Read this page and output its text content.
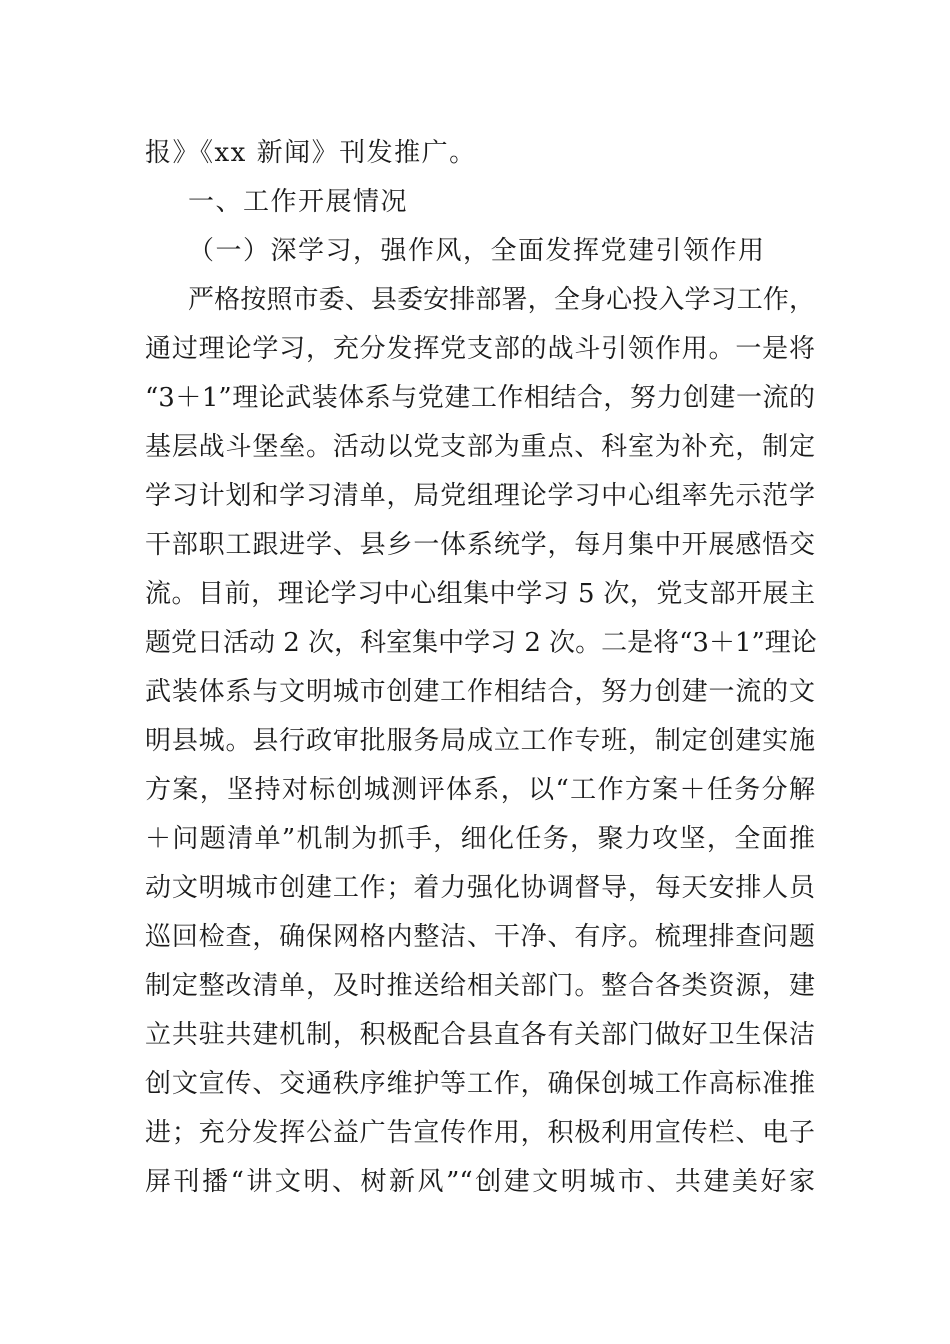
报》《xx 新闻》刊发推广。
一、工作开展情况
（一）深学习，强作风，全面发挥党建引领作用
严格按照市委、县委安排部署，全身心投入学习工作，
通过理论学习，充分发挥党支部的战斗引领作用。一是将
“3＋1”理论武装体系与党建工作相结合，努力创建一流的
基层战斗堡垒。活动以党支部为重点、科室为补充，制定
学习计划和学习清单，局党组理论学习中心组率先示范学
干部职工跟进学、县乡一体系统学，每月集中开展感悟交
流。目前，理论学习中心组集中学习 5 次，党支部开展主
题党日活动 2 次，科室集中学习 2 次。二是将“3＋1”理论
武装体系与文明城市创建工作相结合，努力创建一流的文
明县城。县行政审批服务局成立工作专班，制定创建实施
方案，坚持对标创城测评体系，以“工作方案＋任务分解
＋问题清单”机制为抓手，细化任务，聚力攻坚，全面推
动文明城市创建工作；着力强化协调督导，每天安排人员
巡回检查，确保网格内整洁、干净、有序。梳理排查问题
制定整改清单，及时推送给相关部门。整合各类资源，建
立共驻共建机制，积极配合县直各有关部门做好卫生保洁
创文宣传、交通秩序维护等工作，确保创城工作高标准推
进；充分发挥公益广告宣传作用，积极利用宣传栏、电子
屏刊播“讲文明、树新风”“创建文明城市、共建美好家
